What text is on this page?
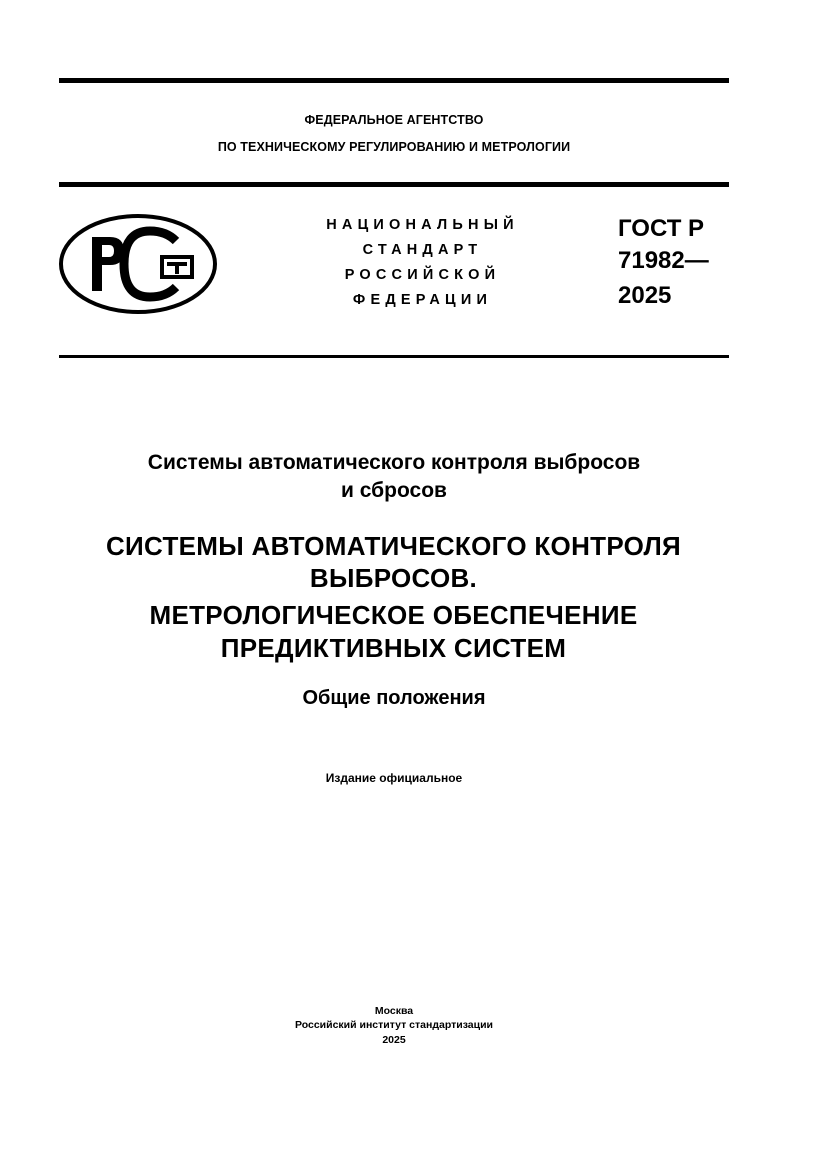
ФЕДЕРАЛЬНОЕ АГЕНТСТВО
ПО ТЕХНИЧЕСКОМУ РЕГУЛИРОВАНИЮ И МЕТРОЛОГИИ
НАЦИОНАЛЬНЫЙ
СТАНДАРТ
РОССИЙСКОЙ
ФЕДЕРАЦИИ
ГОСТ Р
71982—
2025
Системы автоматического контроля выбросов
и сбросов
СИСТЕМЫ АВТОМАТИЧЕСКОГО КОНТРОЛЯ
ВЫБРОСОВ.
МЕТРОЛОГИЧЕСКОЕ ОБЕСПЕЧЕНИЕ
ПРЕДИКТИВНЫХ СИСТЕМ
Общие положения
Издание официальное
Москва
Российский институт стандартизации
2025
